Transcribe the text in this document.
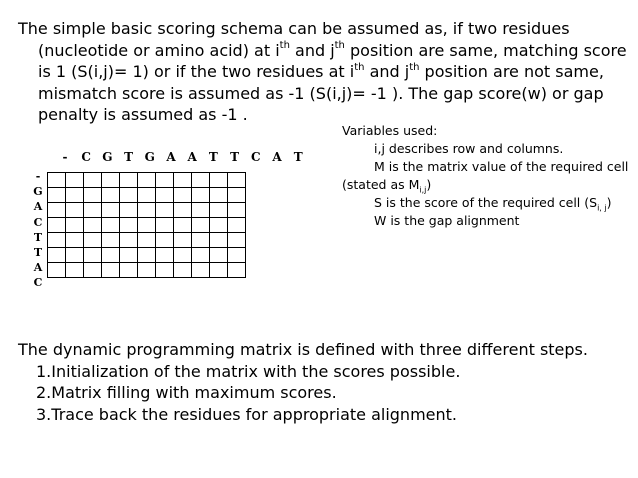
The simple basic scoring schema can be assumed as, if two residues (nucleotide or amino acid) at $i^{th}$ and $j^{th}$ position are same, matching score is 1 (S(i,j)= 1) or if the two residues at $i^{th}$ and $j^{th}$ position are not same, mismatch score is assumed as -1 (S(i,j)= -1 ). The gap score(w) or gap penalty is assumed as -1 .
Variables used:
i,j describes row and columns.
M is the matrix value of the required cell
(stated as $M_{i,j}$)
S is the score of the required cell $(S_{i, j})$
W is the gap alignment
-	C G T G A A	T	T C A	T
-
G
A
C
T
T
A
C

The dynamic programming matrix is defined with three different steps.
1.Initialization of the matrix with the scores possible.
2.Matrix filling with maximum scores.
3.Trace back the residues for appropriate alignment.
